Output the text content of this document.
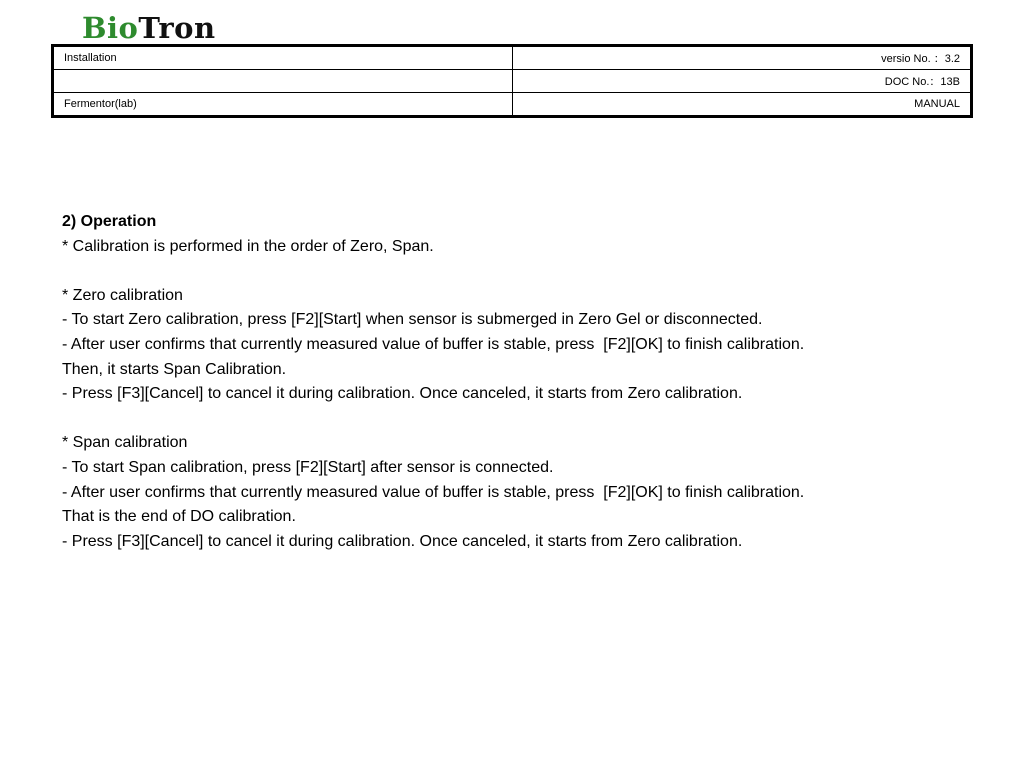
BioTron
Installation	versio No. ：3.2
	DOC No.：13B
Fermentor(lab)	MANUAL

2) Operation

* Calibration is performed in the order of Zero, Span.

* Zero calibration

- To start Zero calibration, press [F2][Start] when sensor is submerged in Zero Gel or disconnected.

- After user confirms that currently measured value of buffer is stable, press  [F2][OK] to finish calibration.

Then, it starts Span Calibration.

- Press [F3][Cancel] to cancel it during calibration. Once canceled, it starts from Zero calibration.

* Span calibration

- To start Span calibration, press [F2][Start] after sensor is connected.

- After user confirms that currently measured value of buffer is stable, press  [F2][OK] to finish calibration.

That is the end of DO calibration.

- Press [F3][Cancel] to cancel it during calibration. Once canceled, it starts from Zero calibration.
